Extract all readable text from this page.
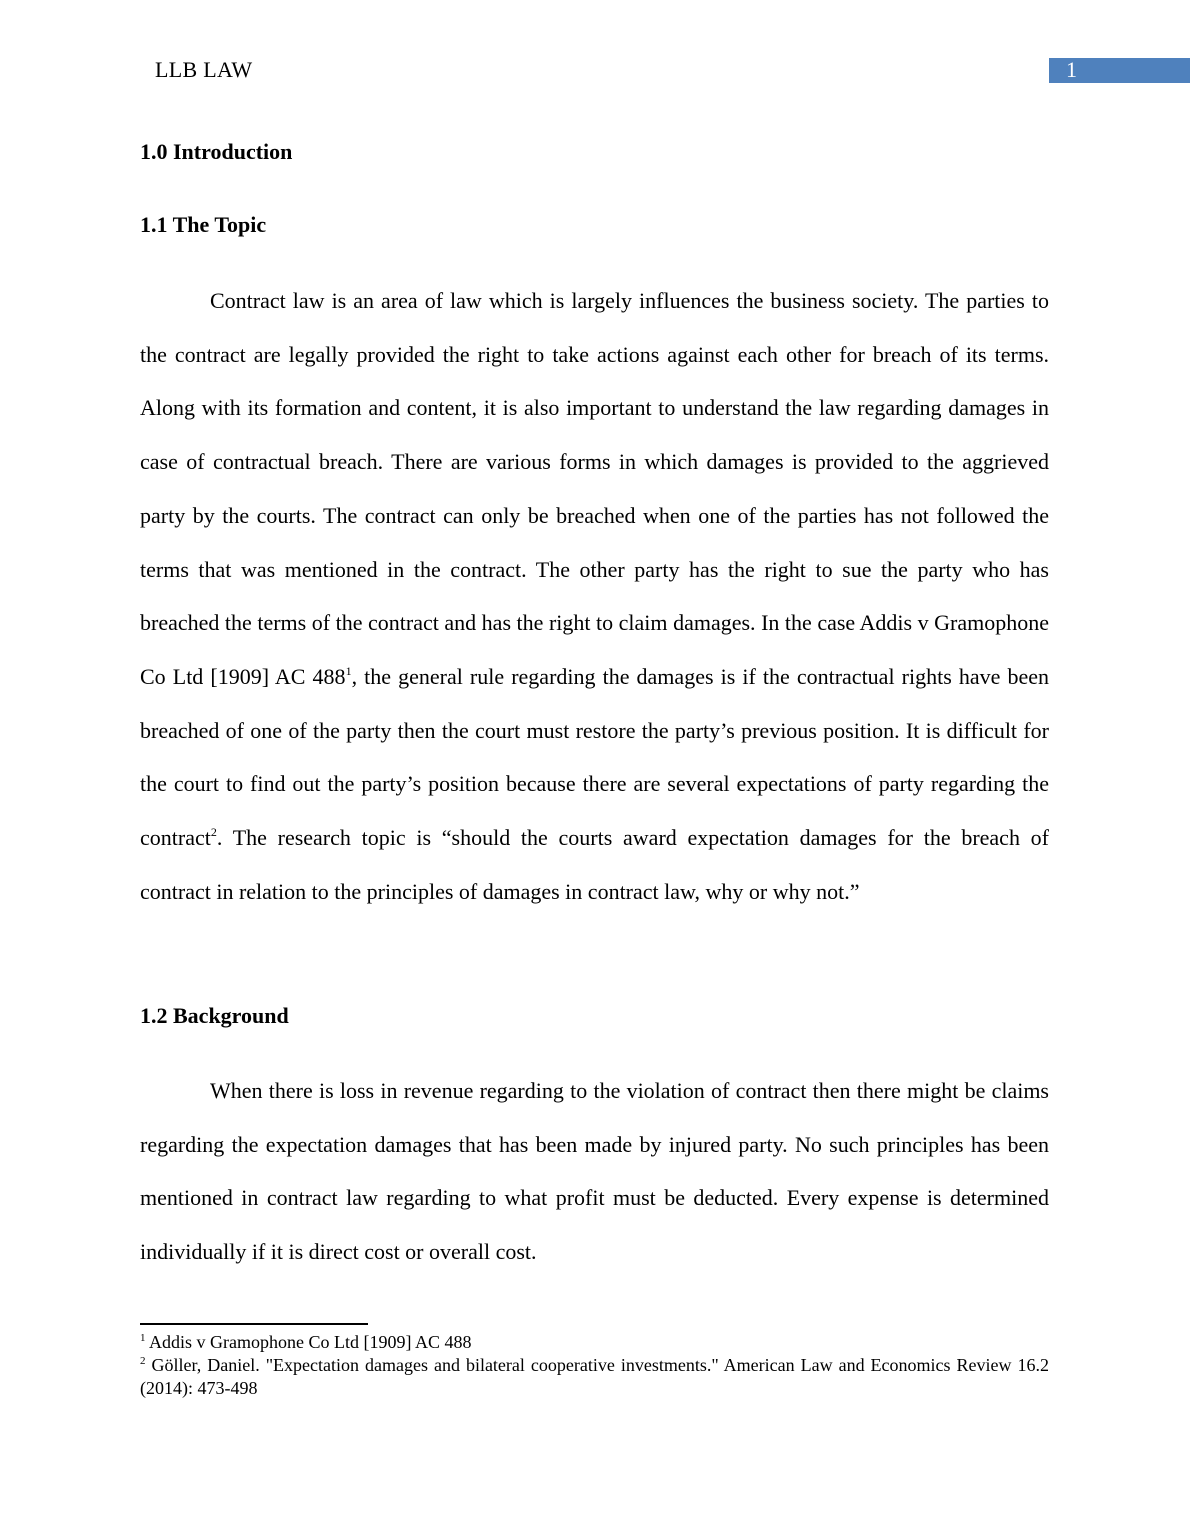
LLB LAW	1
1.0 Introduction
1.1 The Topic

Contract law is an area of law which is largely influences the business society. The parties to the contract are legally provided the right to take actions against each other for breach of its terms. Along with its formation and content, it is also important to understand the law regarding damages in case of contractual breach. There are various forms in which damages is provided to the aggrieved party by the courts. The contract can only be breached when one of the parties has not followed the terms that was mentioned in the contract. The other party has the right to sue the party who has breached the terms of the contract and has the right to claim damages. In the case Addis v Gramophone Co Ltd [1909] AC $488^1$, the general rule regarding the damages is if the contractual rights have been breached of one of the party then the court must restore the party’s previous position. It is difficult for the court to find out the party’s position because there are several expectations of party regarding the contract$^2$. The research topic is “should the courts award expectation damages for the breach of contract in relation to the principles of damages in contract law, why or why not.”

1.2 Background

When there is loss in revenue regarding to the violation of contract then there might be claims regarding the expectation damages that has been made by injured party. No such principles has been mentioned in contract law regarding to what profit must be deducted. Every expense is determined individually if it is direct cost or overall cost.

$^1$ Addis v Gramophone Co Ltd [1909] AC 488

$^2$ Göller, Daniel. "Expectation damages and bilateral cooperative investments." American Law and Economics Review 16.2 (2014): 473-498
